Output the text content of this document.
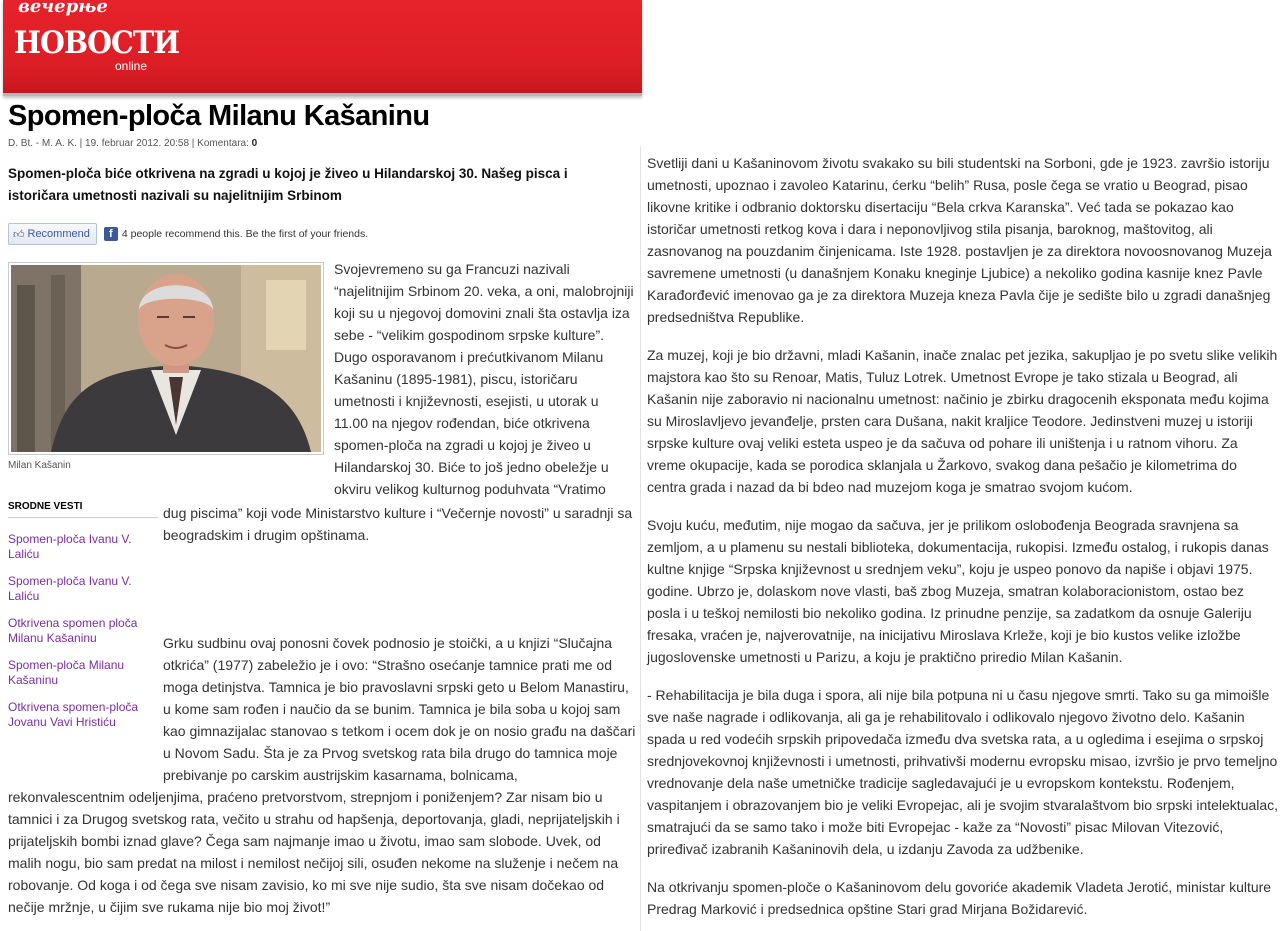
вечерње
НОВОСТИ
online
Spomen-ploča Milanu Kašaninu
D. Bt. - M. A. K. | 19. februar 2012. 20:58 | Komentara: 0

Spomen-ploča biće otkrivena na zgradi u kojoj je živeo u Hilandarskoj 30. Našeg pisca i istoričara umetnosti nazivali su najelitnijim Srbinom

👍︎ Recommend	f 4 people recommend this. Be the first of your friends.
Milan Kašanin
SRODNE VESTI
Spomen-ploča Ivanu V. Laliću
Spomen-ploča Ivanu V. Laliću
Otkrivena spomen ploča Milanu Kašaninu
Spomen-ploča Milanu Kašaninu
Otkrivena spomen-ploča Jovanu Vavi Hristiću

Svojevremeno su ga Francuzi nazivali “najelitnijim Srbinom 20. veka, a oni, malobrojniji koji su u njegovoj domovini znali šta ostavlja iza sebe - “velikim gospodinom srpske kulture”. Dugo osporavanom i prećutkivanom Milanu Kašaninu (1895-1981), piscu, istoričaru umetnosti i književnosti, esejisti, u utorak u 11.00 na njegov rođendan, biće otkrivena spomen-ploča na zgradi u kojoj je živeo u Hilandarskoj 30. Biće to još jedno obeležje u okviru velikog kulturnog poduhvata “Vratimo

dug piscima” koji vode Ministarstvo kulture i “Večernje novosti” u saradnji sa beogradskim i drugim opštinama.

Grku sudbinu ovaj ponosni čovek podnosio je stoički, a u knjizi “Slučajna otkrića” (1977) zabeležio je i ovo: “Strašno osećanje tamnice prati me od moga detinjstva. Tamnica je bio pravoslavni srpski geto u Belom Manastiru, u kome sam rođen i naučio da se bunim. Tamnica je bila soba u kojoj sam kao gimnazijalac stanovao s tetkom i ocem dok je on nosio građu na daščari u Novom Sadu. Šta je za Prvog svetskog rata bila drugo do tamnica moje prebivanje po carskim austrijskim kasarnama, bolnicama,

rekonvalescentnim odeljenjima, praćeno pretvorstvom, strepnjom i poniženjem? Zar nisam bio u tamnici i za Drugog svetskog rata, večito u strahu od hapšenja, deportovanja, gladi, neprijateljskih i prijateljskih bombi iznad glave? Čega sam najmanje imao u životu, imao sam slobode. Uvek, od malih nogu, bio sam predat na milost i nemilost nečijoj sili, osuđen nekome na služenje i nečem na robovanje. Od koga i od čega sve nisam zavisio, ko mi sve nije sudio, šta sve nisam dočekao od nečije mržnje, u čijim sve rukama nije bio moj život!”

Svetliji dani u Kašaninovom životu svakako su bili studentski na Sorboni, gde je 1923. završio istoriju umetnosti, upoznao i zavoleo Katarinu, ćerku “belih” Rusa, posle čega se vratio u Beograd, pisao likovne kritike i odbranio doktorsku disertaciju “Bela crkva Karanska”. Već tada se pokazao kao istoričar umetnosti retkog kova i dara i neponovljivog stila pisanja, baroknog, maštovitog, ali zasnovanog na pouzdanim činjenicama. Iste 1928. postavljen je za direktora novoosnovanog Muzeja savremene umetnosti (u današnjem Konaku kneginje Ljubice) a nekoliko godina kasnije knez Pavle Karađorđević imenovao ga je za direktora Muzeja kneza Pavla čije je sedište bilo u zgradi današnjeg predsedništva Republike.

Za muzej, koji je bio državni, mladi Kašanin, inače znalac pet jezika, sakupljao je po svetu slike velikih majstora kao što su Renoar, Matis, Tuluz Lotrek. Umetnost Evrope je tako stizala u Beograd, ali Kašanin nije zaboravio ni nacionalnu umetnost: načinio je zbirku dragocenih eksponata među kojima su Miroslavljevo jevanđelje, prsten cara Dušana, nakit kraljice Teodore. Jedinstveni muzej u istoriji srpske kulture ovaj veliki esteta uspeo je da sačuva od pohare ili uništenja i u ratnom vihoru. Za vreme okupacije, kada se porodica sklanjala u Žarkovo, svakog dana pešačio je kilometrima do centra grada i nazad da bi bdeo nad muzejom koga je smatrao svojom kućom.

Svoju kuću, međutim, nije mogao da sačuva, jer je prilikom oslobođenja Beograda sravnjena sa zemljom, a u plamenu su nestali biblioteka, dokumentacija, rukopisi. Između ostalog, i rukopis danas kultne knjige “Srpska književnost u srednjem veku”, koju je uspeo ponovo da napiše i objavi 1975. godine. Ubrzo je, dolaskom nove vlasti, baš zbog Muzeja, smatran kolaboracionistom, ostao bez posla i u teškoj nemilosti bio nekoliko godina. Iz prinudne penzije, sa zadatkom da osnuje Galeriju fresaka, vraćen je, najverovatnije, na inicijativu Miroslava Krleže, koji je bio kustos velike izložbe jugoslovenske umetnosti u Parizu, a koju je praktično priredio Milan Kašanin.

- Rehabilitacija je bila duga i spora, ali nije bila potpuna ni u času njegove smrti. Tako su ga mimoišle sve naše nagrade i odlikovanja, ali ga je rehabilitovalo i odlikovalo njegovo životno delo. Kašanin spada u red vodećih srpskih pripovedača između dva svetska rata, a u ogledima i esejima o srpskoj srednjovekovnoj književnosti i umetnosti, prihvativši modernu evropsku misao, izvršio je prvo temeljno vrednovanje dela naše umetničke tradicije sagledavajući je u evropskom kontekstu. Rođenjem, vaspitanjem i obrazovanjem bio je veliki Evropejac, ali je svojim stvaralaštvom bio srpski intelektualac, smatrajući da se samo tako i može biti Evropejac - kaže za “Novosti” pisac Milovan Vitezović, priređivač izabranih Kašaninovih dela, u izdanju Zavoda za udžbenike.

Na otkrivanju spomen-ploče o Kašaninovom delu govoriće akademik Vladeta Jerotić, ministar kulture Predrag Marković i predsednica opštine Stari grad Mirjana Božidarević.
